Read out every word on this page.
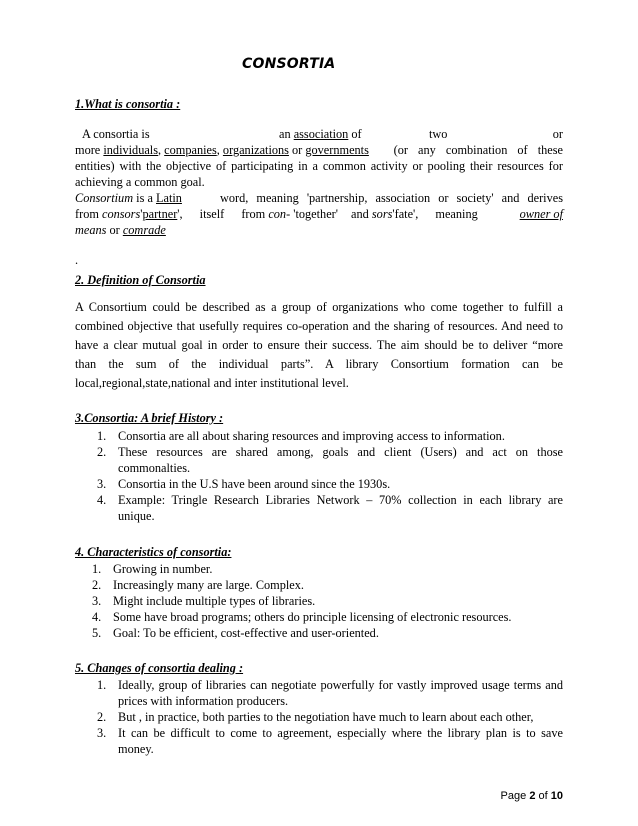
CONSORTIA
1.What is consortia :
A consortia is	an association of	two	or
more individuals, companies, organizations or governments (or any combination of these
entities) with the objective of participating in a common activity or pooling their resources for
achieving a common goal.
Consortium is a Latin	word, meaning 'partnership, association or society' and derives
from consors'partner', itself from con- 'together' and sors'fate', meaning	owner of
means or comrade
.
2. Definition of Consortia
A Consortium could be described as a group of organizations who come together to fulfill a
combined objective that usefully requires co-operation and the sharing of resources. And need to
have a clear mutual goal in order to ensure their success. The aim should be to deliver “more
than the sum of the individual parts”. A library Consortium formation can be
local,regional,state,national and inter institutional level.
3.Consortia: A brief History :
1. Consortia are all about sharing resources and improving access to information.
2. These resources are shared among, goals and client (Users) and act on those
commonalties.
3. Consortia in the U.S have been around since the 1930s.
4. Example: Tringle Research Libraries Network – 70% collection in each library are
unique.
4. Characteristics of consortia:
1. Growing in number.
2. Increasingly many are large. Complex.
3. Might include multiple types of libraries.
4. Some have broad programs; others do principle licensing of electronic resources.
5. Goal: To be efficient, cost-effective and user-oriented.
5. Changes of consortia dealing :
1. Ideally, group of libraries can negotiate powerfully for vastly improved usage terms and
prices with information producers.
2. But , in practice, both parties to the negotiation have much to learn about each other,
3. It can be difficult to come to agreement, especially where the library plan is to save
money.
Page 2 of 10
